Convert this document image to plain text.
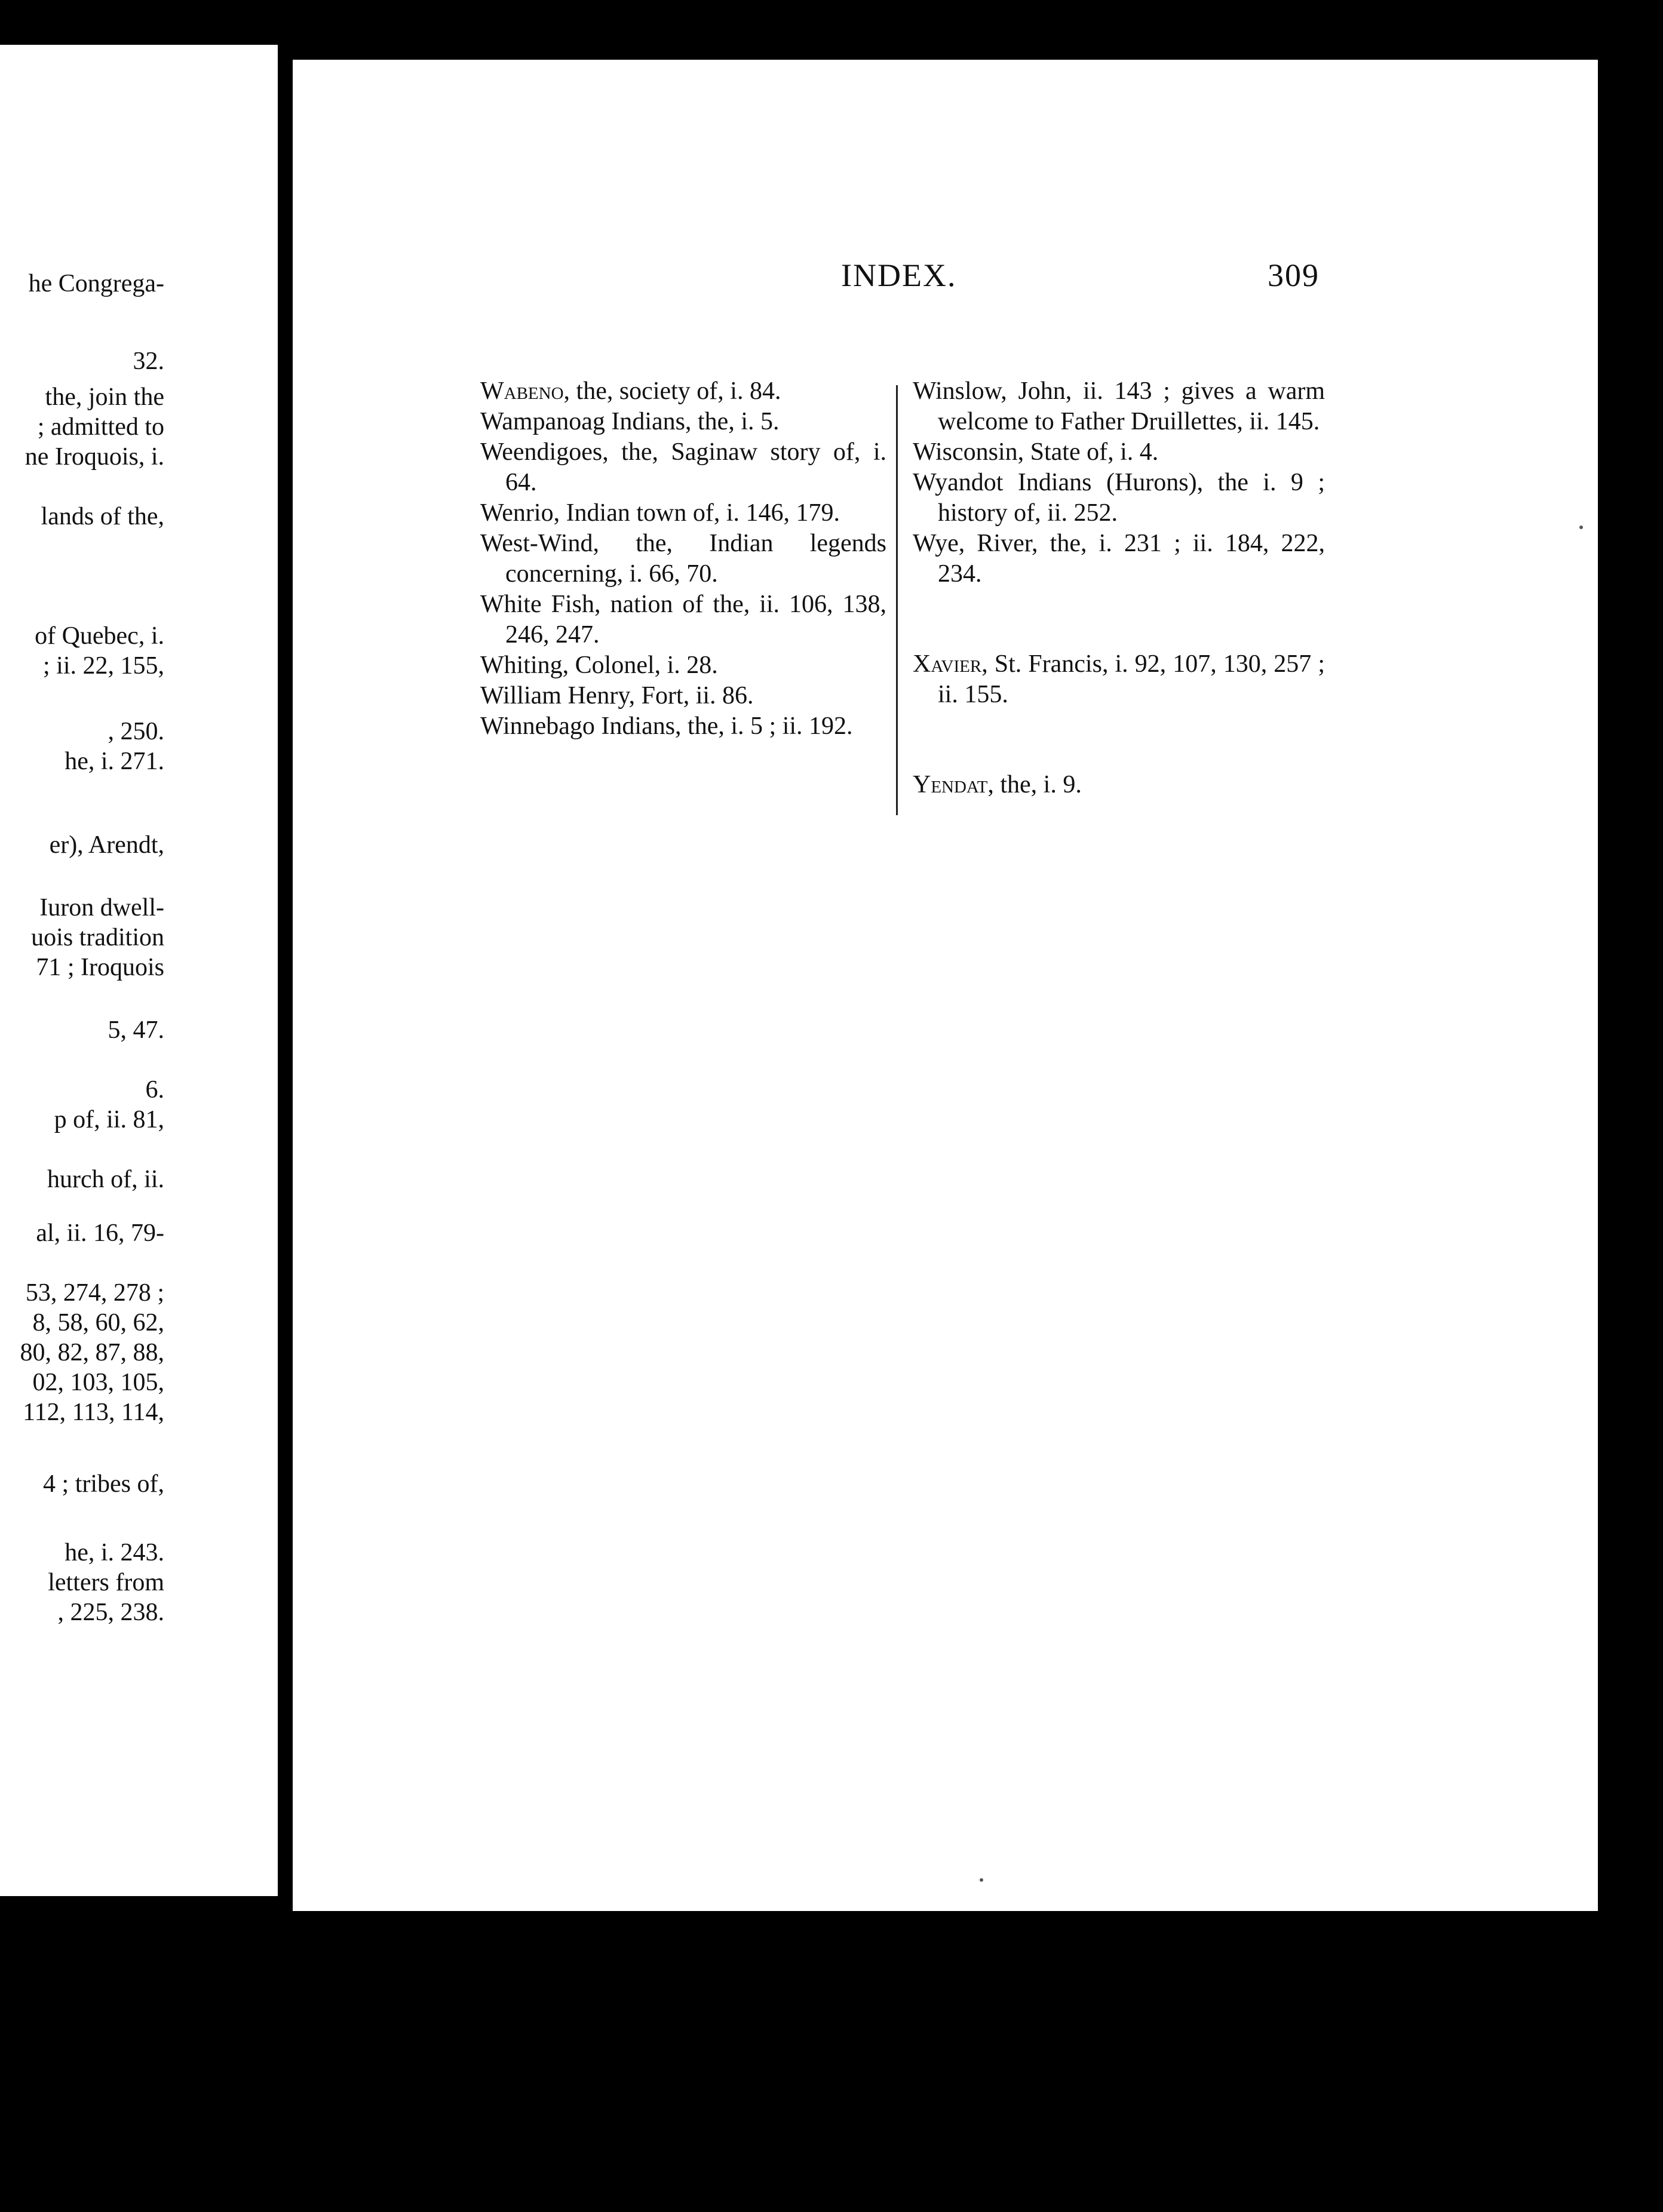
he Congrega-
32.
the, join the
; admitted to
ne Iroquois, i.
lands of the,
of Quebec, i.
; ii. 22, 155,
, 250.
he, i. 271.
er), Arendt,
Iuron dwell-
uois tradition
71 ; Iroquois
5, 47.
6.
p of, ii. 81,
hurch of, ii.
al, ii. 16, 79-
53, 274, 278 ;
8, 58, 60, 62,
80, 82, 87, 88,
02, 103, 105,
112, 113, 114,
4 ; tribes of,
he, i. 243.
letters from
, 225, 238.
INDEX.	309

Wabeno, the, society of, i. 84.

Wampanoag Indians, the, i. 5.

Weendigoes, the, Saginaw story of, i. 64.

Wenrio, Indian town of, i. 146, 179.

West-Wind, the, Indian legends concerning, i. 66, 70.

White Fish, nation of the, ii. 106, 138, 246, 247.

Whiting, Colonel, i. 28.

William Henry, Fort, ii. 86.

Winnebago Indians, the, i. 5 ; ii. 192.

Winslow, John, ii. 143 ; gives a warm welcome to Father Druillettes, ii. 145.

Wisconsin, State of, i. 4.

Wyandot Indians (Hurons), the i. 9 ; history of, ii. 252.

Wye, River, the, i. 231 ; ii. 184, 222, 234.

Xavier, St. Francis, i. 92, 107, 130, 257 ; ii. 155.

Yendat, the, i. 9.
